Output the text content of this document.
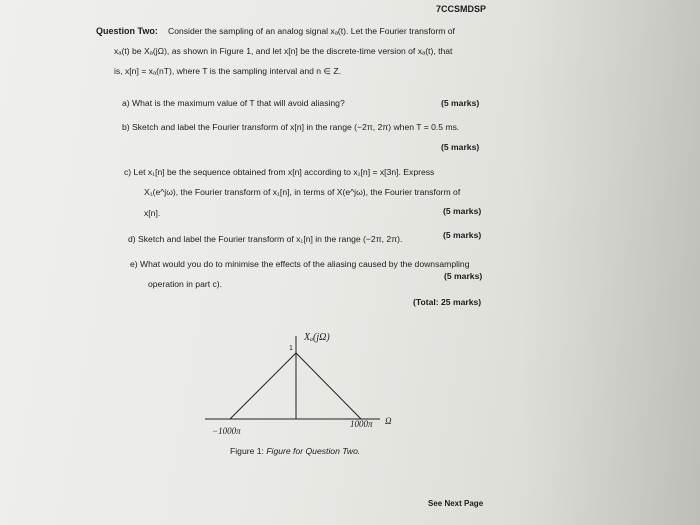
7CCSMDSP
Question Two: Consider the sampling of an analog signal xₐ(t). Let the Fourier transform of
xₐ(t) be Xₐ(jΩ), as shown in Figure 1, and let x[n] be the discrete-time version of xₐ(t), that
is, x[n] = xₐ(nT), where T is the sampling interval and n ∈ Z.
a) What is the maximum value of T that will avoid aliasing?	(5 marks)
b) Sketch and label the Fourier transform of x[n] in the range (−2π, 2π) when T = 0.5 ms.
(5 marks)
c) Let x₁[n] be the sequence obtained from x[n] according to x₁[n] = x[3n]. Express
X₁(e^jω), the Fourier transform of x₁[n], in terms of X(e^jω), the Fourier transform of
x[n].	(5 marks)
d) Sketch and label the Fourier transform of x₁[n] in the range (−2π, 2π).	(5 marks)
e) What would you do to minimise the effects of the aliasing caused by the downsampling
(5 marks)
operation in part c).
(Total: 25 marks)
Xₐ(jΩ)
1
−1000π
1000π Ω
Figure 1: Figure for Question Two.
See Next Page
